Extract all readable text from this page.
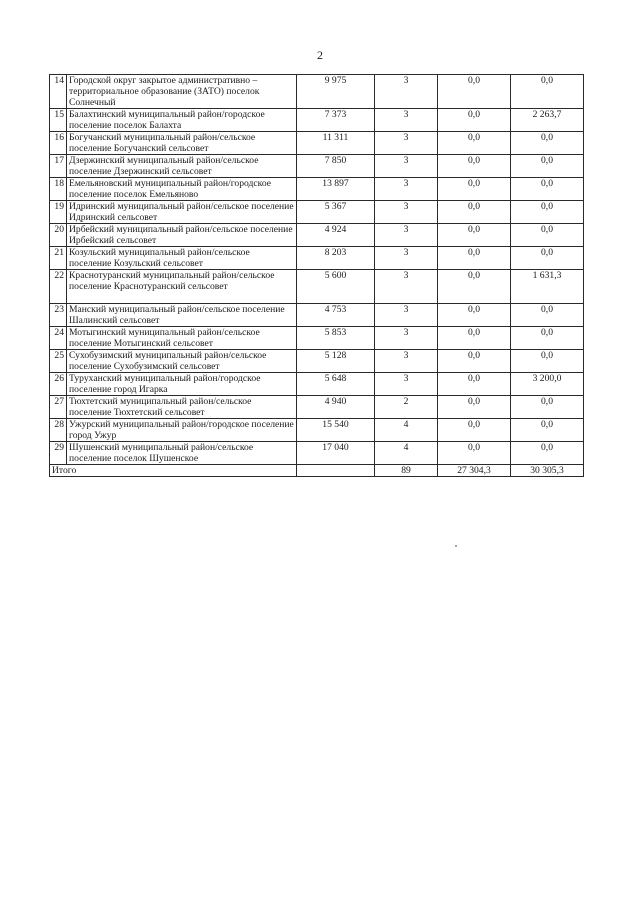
2
14	Городской округ закрытое административно – территориальное образование (ЗАТО) поселок Солнечный	9 975	3	0,0	0,0
15	Балахтинский муниципальный район/городское поселение поселок Балахта	7 373	3	0,0	2 263,7
16	Богучанский муниципальный район/сельское поселение Богучанский сельсовет	11 311	3	0,0	0,0
17	Дзержинский муниципальный район/сельское поселение Дзержинский сельсовет	7 850	3	0,0	0,0
18	Емельяновский муниципальный район/городское поселение поселок Емельяново	13 897	3	0,0	0,0
19	Идринский муниципальный район/сельское поселение Идринский сельсовет	5 367	3	0,0	0,0
20	Ирбейский муниципальный район/сельское поселение Ирбейский сельсовет	4 924	3	0,0	0,0
21	Козульский муниципальный район/сельское поселение Козульский сельсовет	8 203	3	0,0	0,0
22	Краснотуранский муниципальный район/сельское поселение Краснотуранский сельсовет	5 600	3	0,0	1 631,3
23	Манский муниципальный район/сельское поселение Шалинский сельсовет	4 753	3	0,0	0,0
24	Мотыгинский муниципальный район/сельское поселение Мотыгинский сельсовет	5 853	3	0,0	0,0
25	Сухобузимский муниципальный район/сельское поселение Сухобузимский сельсовет	5 128	3	0,0	0,0
26	Туруханский муниципальный район/городское поселение город Игарка	5 648	3	0,0	3 200,0
27	Тюхтетский муниципальный район/сельское поселение Тюхтетский сельсовет	4 940	2	0,0	0,0
28	Ужурский муниципальный район/городское поселение город Ужур	15 540	4	0,0	0,0
29	Шушенский муниципальный район/сельское поселение поселок Шушенское	17 040	4	0,0	0,0
Итого			89	27 304,3	30 305,3
